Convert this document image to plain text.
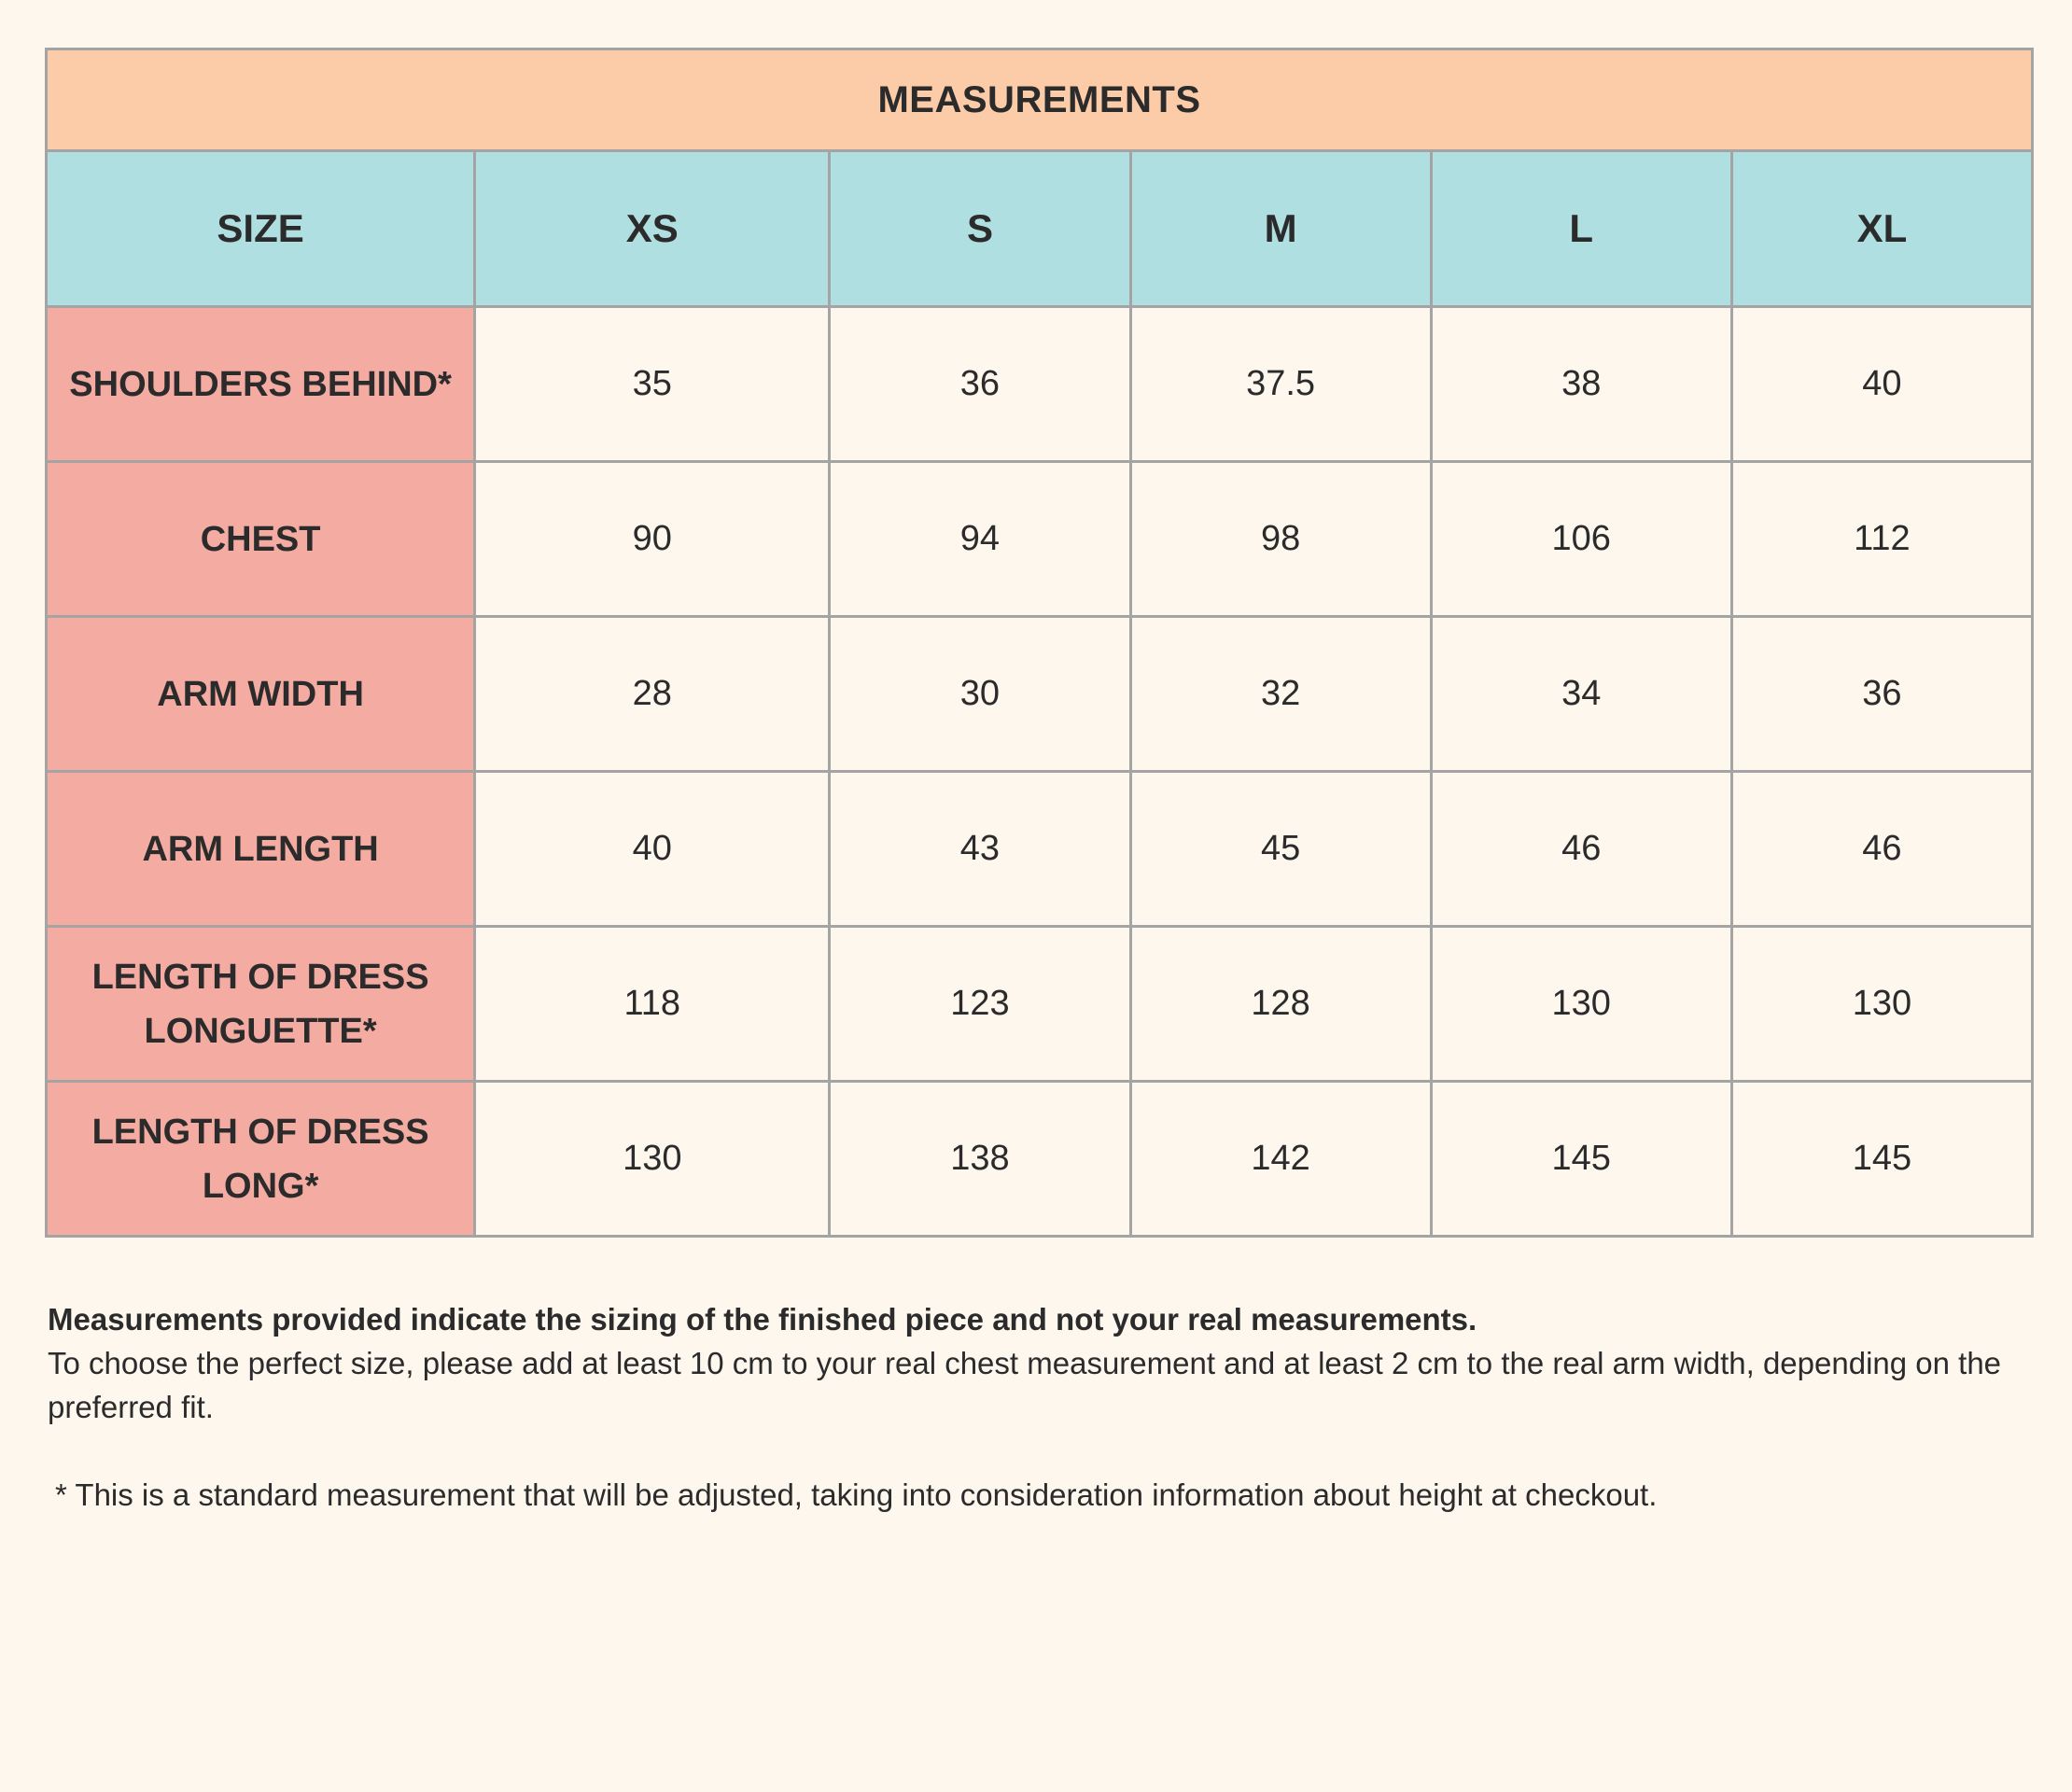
MEASUREMENTS					
SIZE	XS	S	M	L	XL
SHOULDERS BEHIND*	35	36	37.5	38	40
CHEST	90	94	98	106	112
ARM WIDTH	28	30	32	34	36
ARM LENGTH	40	43	45	46	46
LENGTH OF DRESS LONGUETTE*	118	123	128	130	130
LENGTH OF DRESS LONG*	130	138	142	145	145

Measurements provided indicate the sizing of the finished piece and not your real measurements.

To choose the perfect size, please add at least 10 cm to your real chest measurement and at least 2 cm to the real arm width, depending on the preferred fit.

* This is a standard measurement that will be adjusted, taking into consideration information about height at checkout.
